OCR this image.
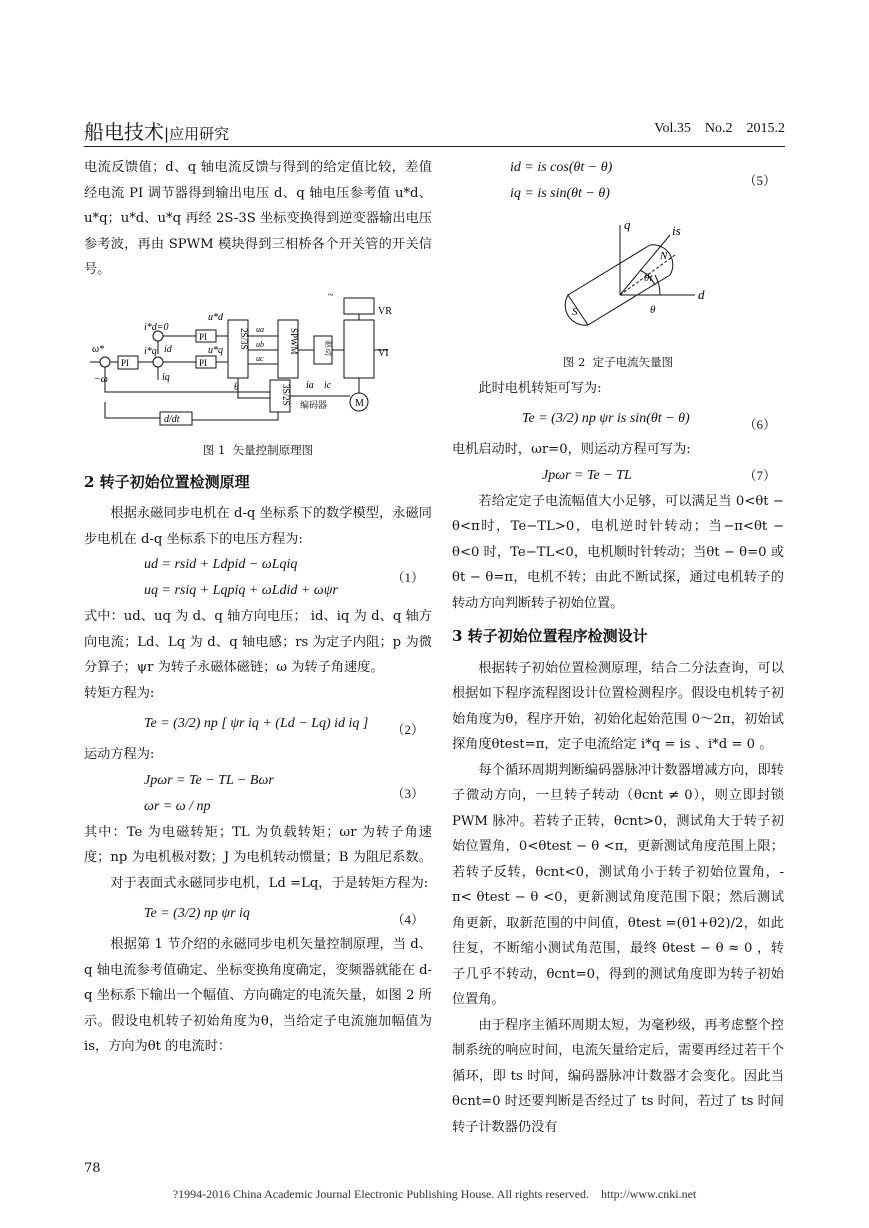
船电技术|应用研究	Vol.35    No.2    2015.2

电流反馈值；d、q 轴电流反馈与得到的给定值比较，差值经电流 PI 调节器得到输出电压 d、q 轴电压参考值 u*d、u*q；u*d、u*q 再经 2S-3S 坐标变换得到逆变器输出电压参考波，再由 SPWM 模块得到三相桥各个开关管的开关信号。

~
VR
VI
PI
PI
PI
2S/3S	SPWM	驱动
3S/2S 编码器	M
d/dt
i*d=0
u*d
u*q
ω*
−ω
id
iq
θ	ia ic
ua
ub
uc
i*q

图 1  矢量控制原理图

2 转子初始位置检测原理

根据永磁同步电机在 d-q 坐标系下的数学模型，永磁同步电机在 d-q 坐标系下的电压方程为:

ud = rsid + Ldpid − ωLqiq
uq = rsiq + Lqpiq + ωLdid + ωψr
（1）

式中：ud、uq 为 d、q 轴方向电压； id、iq 为 d、q 轴方向电流；Ld、Lq 为 d、q 轴电感；rs 为定子内阻；p 为微分算子；ψr 为转子永磁体磁链；ω 为转子角速度。

转矩方程为:

Te = (3/2) np [ ψr iq + (Ld − Lq) id iq ] （2）

运动方程为:

Jpωr = Te − TL − Bωr
ωr = ω / np
（3）

其中：Te 为电磁转矩；TL 为负载转矩；ωr 为转子角速度；np 为电机极对数；J 为电机转动惯量；B 为阻尼系数。

对于表面式永磁同步电机，Ld =Lq，于是转矩方程为:

Te = (3/2) np ψr iq	（4）

根据第 1 节介绍的永磁同步电机矢量控制原理，当 d、q 轴电流参考值确定、坐标变换角度确定，变频器就能在 d-q 坐标系下输出一个幅值、方向确定的电流矢量，如图 2 所示。假设电机转子初始角度为θ，当给定子电流施加幅值为 is，方向为θt 的电流时：

id = is cos(θt − θ)
iq = is sin(θt − θ)
（5）
q
d
is
θt
θ
S
N

图 2  定子电流矢量图

此时电机转矩可写为:

Te = (3/2) np ψr is sin(θt − θ)	（6）

电机启动时，ωr=0，则运动方程可写为:

Jpωr = Te − TL	（7）

若给定定子电流幅值大小足够，可以满足当 0<θt − θ<π时，Te−TL>0，电机逆时针转动；当−π<θt − θ<0 时，Te−TL<0，电机顺时针转动；当θt − θ=0 或θt − θ=π，电机不转；由此不断试探，通过电机转子的转动方向判断转子初始位置。

3 转子初始位置程序检测设计

根据转子初始位置检测原理，结合二分法查询，可以根据如下程序流程图设计位置检测程序。假设电机转子初始角度为θ，程序开始，初始化起始范围 0～2π，初始试探角度θtest=π，定子电流给定 i*q = is 、i*d = 0 。

每个循环周期判断编码器脉冲计数器增减方向，即转子微动方向，一旦转子转动（θcnt ≠ 0），则立即封锁 PWM 脉冲。若转子正转，θcnt>0，测试角大于转子初始位置角，0<θtest − θ <π，更新测试角度范围上限；若转子反转，θcnt<0，测试角小于转子初始位置角，-π< θtest − θ <0，更新测试角度范围下限；然后测试角更新，取新范围的中间值，θtest =(θ1+θ2)/2，如此往复，不断缩小测试角范围，最终 θtest − θ ≈ 0 ，转子几乎不转动，θcnt=0，得到的测试角度即为转子初始位置角。

由于程序主循环周期太短，为毫秒级，再考虑整个控制系统的响应时间，电流矢量给定后，需要再经过若干个循环，即 ts 时间，编码器脉冲计数器才会变化。因此当θcnt=0 时还要判断是否经过了 ts 时间，若过了 ts 时间转子计数器仍没有

78
?1994-2016 China Academic Journal Electronic Publishing House. All rights reserved.    http://www.cnki.net
